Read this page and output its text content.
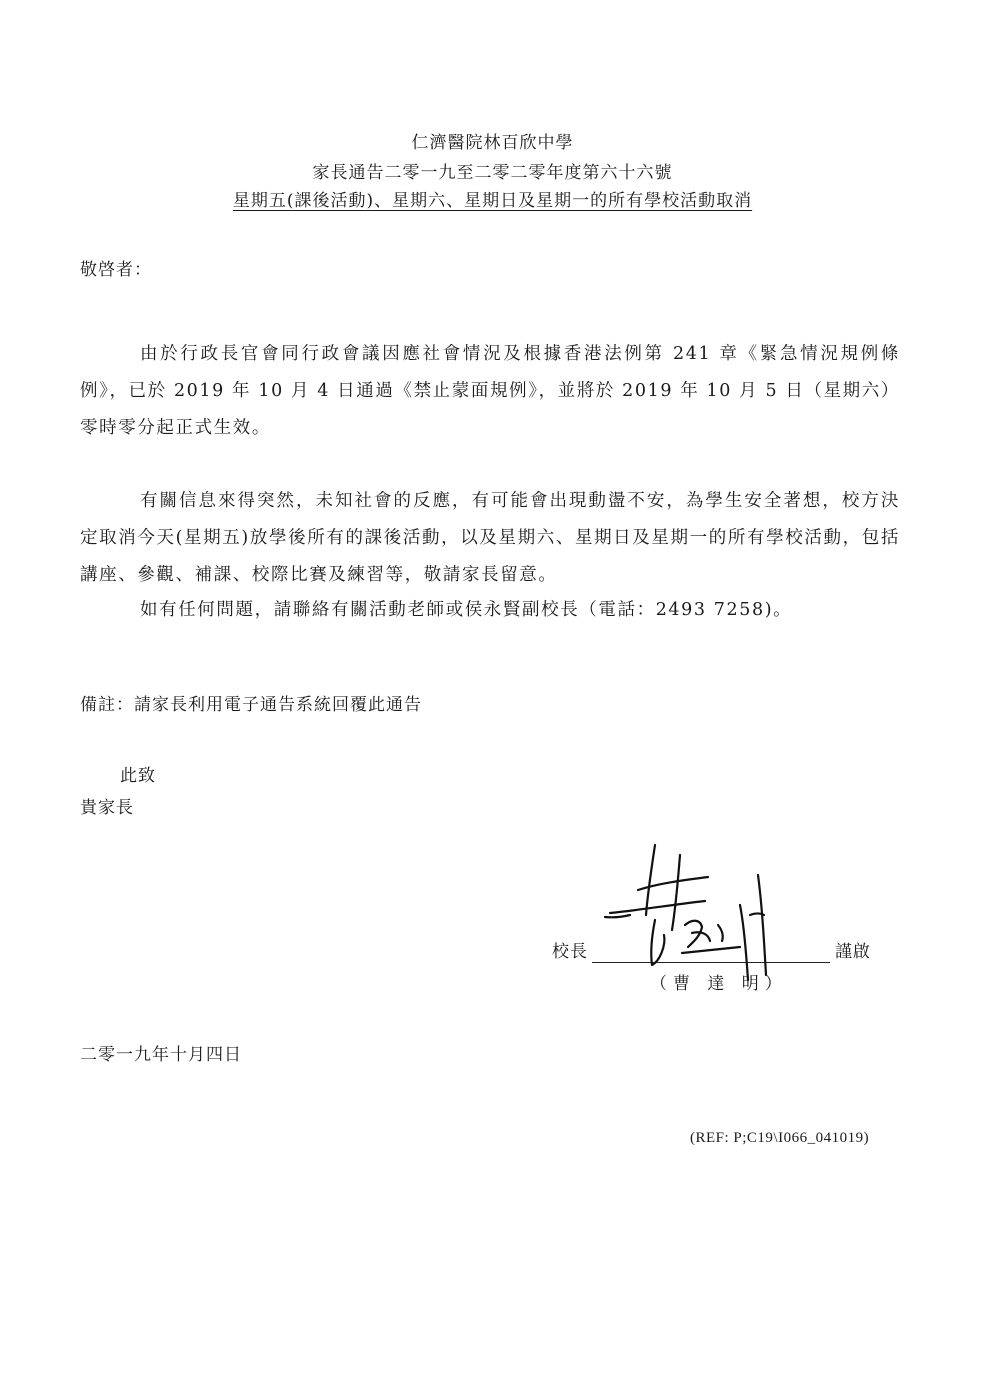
仁濟醫院林百欣中學
家長通告二零一九至二零二零年度第六十六號
星期五(課後活動)、星期六、星期日及星期一的所有學校活動取消
敬啓者：
由於行政長官會同行政會議因應社會情況及根據香港法例第 241 章《緊急情況規例條例》，已於 2019 年 10 月 4 日通過《禁止蒙面規例》，並將於 2019 年 10 月 5 日（星期六）零時零分起正式生效。
有關信息來得突然，未知社會的反應，有可能會出現動盪不安，為學生安全著想，校方決定取消今天(星期五)放學後所有的課後活動，以及星期六、星期日及星期一的所有學校活動，包括講座、參觀、補課、校際比賽及練習等，敬請家長留意。
如有任何問題，請聯絡有關活動老師或侯永賢副校長（電話：2493 7258)。
備註：請家長利用電子通告系統回覆此通告
此致
貴家長
校長	謹啟
（曹 達 明）
二零一九年十月四日
(REF: P;C19\I066_041019)
